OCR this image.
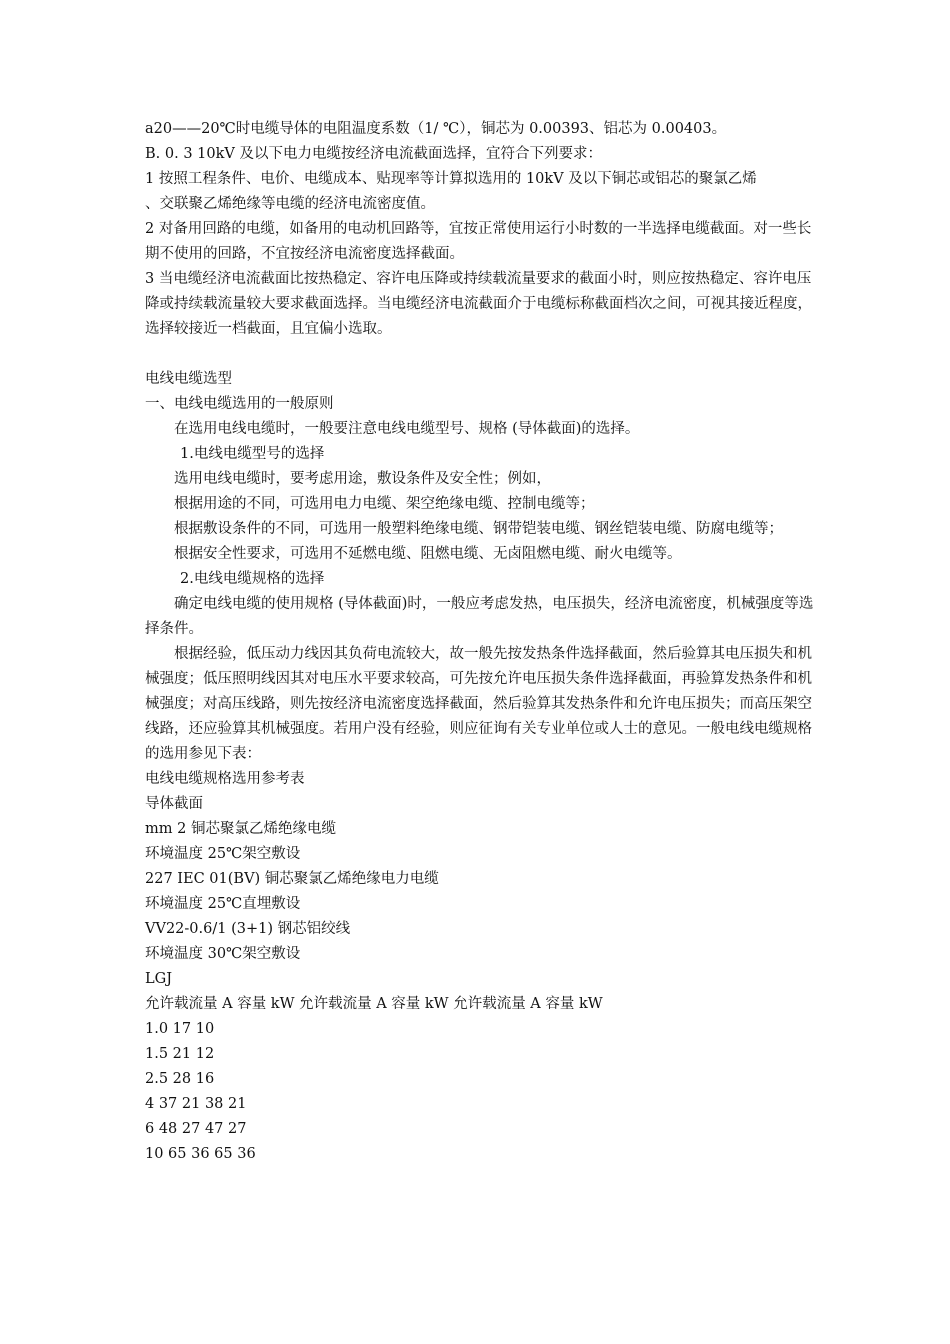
a20——20℃时电缆导体的电阻温度系数（1/ ℃），铜芯为 0.00393、铝芯为 0.00403。
B. 0. 3 10kV 及以下电力电缆按经济电流截面选择，宜符合下列要求：
1 按照工程条件、电价、电缆成本、贴现率等计算拟选用的 10kV 及以下铜芯或铝芯的聚氯乙烯
、交联聚乙烯绝缘等电缆的经济电流密度值。
2 对备用回路的电缆，如备用的电动机回路等，宜按正常使用运行小时数的一半选择电缆截面。对一些长期不使用的回路，不宜按经济电流密度选择截面。
3 当电缆经济电流截面比按热稳定、容许电压降或持续载流量要求的截面小时，则应按热稳定、容许电压降或持续载流量较大要求截面选择。当电缆经济电流截面介于电缆标称截面档次之间，可视其接近程度，选择较接近一档截面，且宜偏小选取。
电线电缆选型
一、电线电缆选用的一般原则
在选用电线电缆时，一般要注意电线电缆型号、规格 (导体截面)的选择。
1.电线电缆型号的选择
选用电线电缆时，要考虑用途，敷设条件及安全性；例如，
根据用途的不同，可选用电力电缆、架空绝缘电缆、控制电缆等；
根据敷设条件的不同，可选用一般塑料绝缘电缆、钢带铠装电缆、钢丝铠装电缆、防腐电缆等；
根据安全性要求，可选用不延燃电缆、阻燃电缆、无卤阻燃电缆、耐火电缆等。
2.电线电缆规格的选择
确定电线电缆的使用规格 (导体截面)时，一般应考虑发热，电压损失，经济电流密度，机械强度等选择条件。
根据经验，低压动力线因其负荷电流较大，故一般先按发热条件选择截面，然后验算其电压损失和机械强度；低压照明线因其对电压水平要求较高，可先按允许电压损失条件选择截面，再验算发热条件和机械强度；对高压线路，则先按经济电流密度选择截面，然后验算其发热条件和允许电压损失；而高压架空线路，还应验算其机械强度。若用户没有经验，则应征询有关专业单位或人士的意见。一般电线电缆规格的选用参见下表：
电线电缆规格选用参考表
导体截面
mm 2 铜芯聚氯乙烯绝缘电缆
环境温度 25℃架空敷设
227 IEC 01(BV) 铜芯聚氯乙烯绝缘电力电缆
环境温度 25℃直埋敷设
VV22-0.6/1 (3+1) 钢芯铝绞线
环境温度 30℃架空敷设
LGJ
允许载流量 A 容量 kW 允许载流量 A 容量 kW 允许载流量 A 容量 kW
1.0 17 10
1.5 21 12
2.5 28 16
4 37 21 38 21
6 48 27 47 27
10 65 36 65 36
